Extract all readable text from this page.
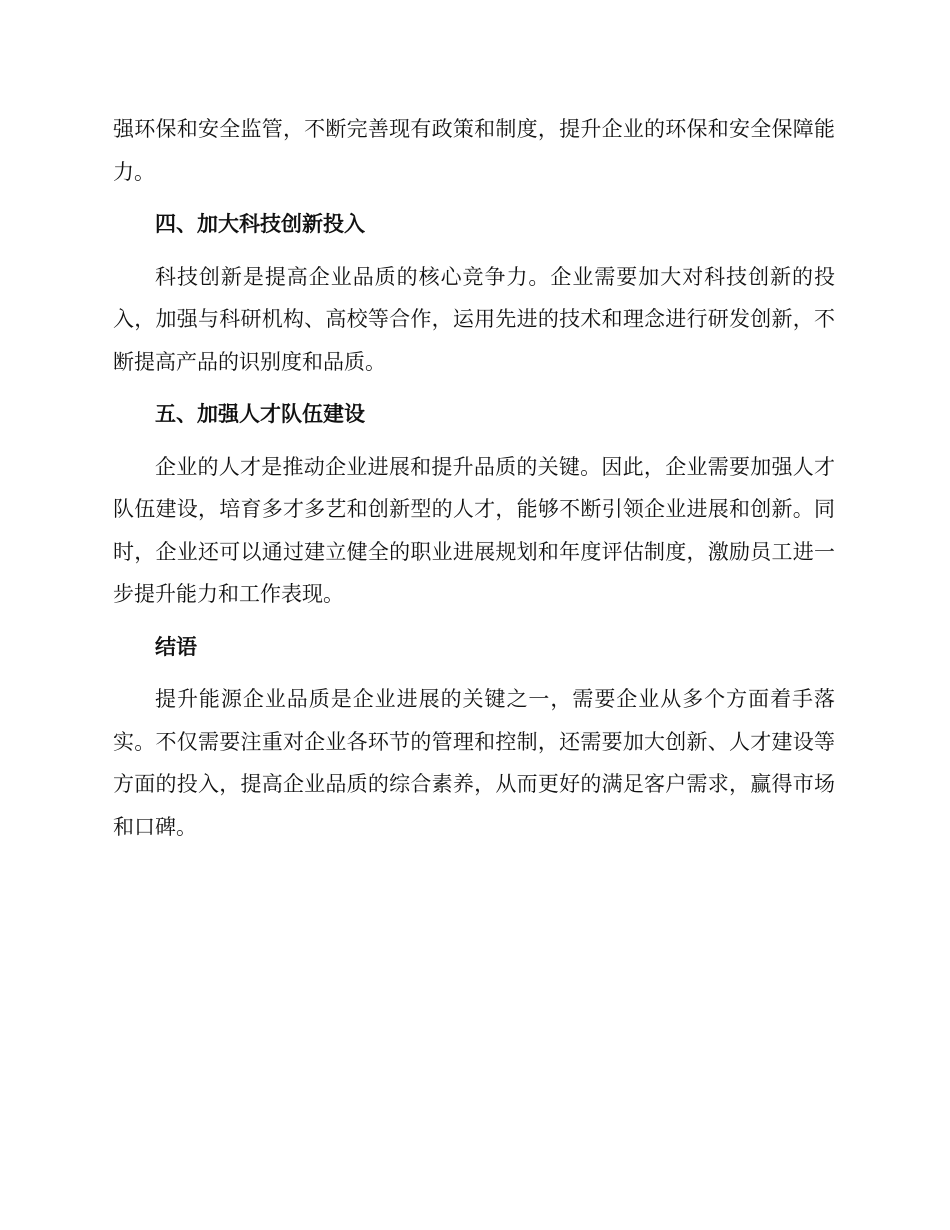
强环保和安全监管，不断完善现有政策和制度，提升企业的环保和安全保障能力。

四、加大科技创新投入

科技创新是提高企业品质的核心竞争力。企业需要加大对科技创新的投入，加强与科研机构、高校等合作，运用先进的技术和理念进行研发创新，不断提高产品的识别度和品质。

五、加强人才队伍建设

企业的人才是推动企业进展和提升品质的关键。因此，企业需要加强人才队伍建设，培育多才多艺和创新型的人才，能够不断引领企业进展和创新。同时，企业还可以通过建立健全的职业进展规划和年度评估制度，激励员工进一步提升能力和工作表现。

结语

提升能源企业品质是企业进展的关键之一，需要企业从多个方面着手落实。不仅需要注重对企业各环节的管理和控制，还需要加大创新、人才建设等方面的投入，提高企业品质的综合素养，从而更好的满足客户需求，赢得市场和口碑。
